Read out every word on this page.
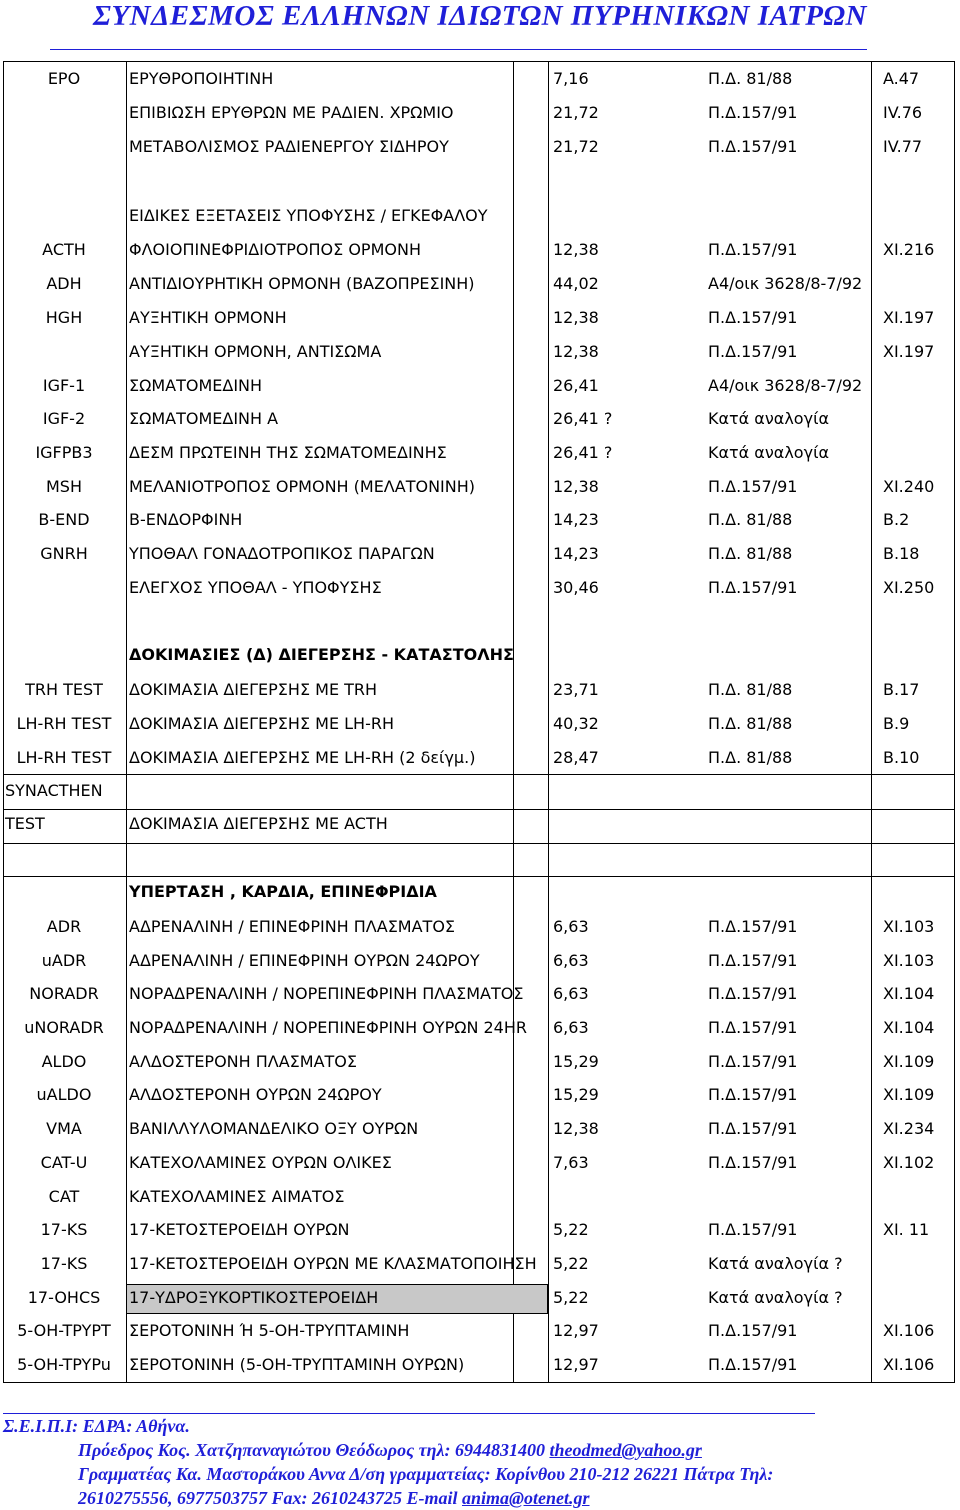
ΣΥΝΔΕΣΜΟΣ ΕΛΛΗΝΩΝ ΙΔΙΩΤΩΝ ΠΥΡΗΝΙΚΩΝ ΙΑΤΡΩΝ
ΕΙΔΙΚΕΣ ΕΞΕΤΑΣΕΙΣ ΥΠΟΦΥΣΗΣ / ΕΓΚΕΦΑΛΟΥ
ΔΟΚΙΜΑΣΙΕΣ (Δ) ΔΙΕΓΕΡΣΗΣ - ΚΑΤΑΣΤΟΛΗΣ
ΥΠΕΡΤΑΣΗ , ΚΑΡΔΙΑ, ΕΠΙΝΕΦΡΙΔΙΑ
EPO	ΕΡΥΘΡΟΠΟΙΗΤΙΝΗ	7,16	Π.Δ. 81/88	A.47
ΕΠΙΒΙΩΣΗ ΕΡΥΘΡΩΝ ΜΕ ΡΑΔΙΕΝ. ΧΡΩΜΙΟ	21,72	Π.Δ.157/91	IV.76
ΜΕΤΑΒΟΛΙΣΜΟΣ ΡΑΔΙΕΝΕΡΓΟΥ ΣΙΔΗΡΟΥ	21,72	Π.Δ.157/91	IV.77
ACTH	ΦΛΟΙΟΠΙΝΕΦΡΙΔΙΟΤΡΟΠΟΣ ΟΡΜΟΝΗ	12,38	Π.Δ.157/91	XI.216
ADH	ΑΝΤΙΔΙΟΥΡΗΤΙΚΗ ΟΡΜΟΝΗ (ΒΑΖΟΠΡΕΣΙΝΗ)	44,02	Α4/οικ 3628/8-7/92
HGH	ΑΥΞΗΤΙΚΗ ΟΡΜΟΝΗ	12,38	Π.Δ.157/91	XI.197
ΑΥΞΗΤΙΚΗ ΟΡΜΟΝΗ, ΑΝΤΙΣΩΜΑ	12,38	Π.Δ.157/91	XI.197
IGF-1	ΣΩΜΑΤΟΜΕΔΙΝΗ	26,41	Α4/οικ 3628/8-7/92
IGF-2	ΣΩΜΑΤΟΜΕΔΙΝΗ Α	26,41 ?	Κατά αναλογία
IGFPB3	ΔΕΣΜ ΠΡΩΤΕΙΝΗ ΤΗΣ ΣΩΜΑΤΟΜΕΔΙΝΗΣ	26,41 ?	Κατά αναλογία
MSH	ΜΕΛΑΝΙΟΤΡΟΠΟΣ ΟΡΜΟΝΗ (ΜΕΛΑΤΟΝΙΝΗ)	12,38	Π.Δ.157/91	XI.240
B-END	B-ΕΝΔΟΡΦΙΝΗ	14,23	Π.Δ. 81/88	B.2
GNRH	ΥΠΟΘΑΛ ΓΟΝΑΔΟΤΡΟΠΙΚΟΣ ΠΑΡΑΓΩΝ	14,23	Π.Δ. 81/88	B.18
ΕΛΕΓΧΟΣ ΥΠΟΘΑΛ - ΥΠΟΦΥΣΗΣ	30,46	Π.Δ.157/91	XI.250
TRH TEST	ΔΟΚΙΜΑΣΙΑ ΔΙΕΓΕΡΣΗΣ ΜΕ TRH	23,71	Π.Δ. 81/88	B.17
LH-RH TEST	ΔΟΚΙΜΑΣΙΑ ΔΙΕΓΕΡΣΗΣ ΜΕ LH-RH	40,32	Π.Δ. 81/88	B.9
LH-RH TEST	ΔΟΚΙΜΑΣΙΑ ΔΙΕΓΕΡΣΗΣ ΜΕ LH-RH (2 δείγμ.)	28,47	Π.Δ. 81/88	B.10
SYNACTHEN
TEST	ΔΟΚΙΜΑΣΙΑ ΔΙΕΓΕΡΣΗΣ ΜΕ ACTH
ADR	ΑΔΡΕΝΑΛΙΝΗ / ΕΠΙΝΕΦΡΙΝΗ ΠΛΑΣΜΑΤΟΣ	6,63	Π.Δ.157/91	XI.103
uADR	ΑΔΡΕΝΑΛΙΝΗ / ΕΠΙΝΕΦΡΙΝΗ ΟΥΡΩΝ 24ΩΡΟΥ	6,63	Π.Δ.157/91	XI.103
NORADR	ΝΟΡΑΔΡΕΝΑΛΙΝΗ / ΝΟΡΕΠΙΝΕΦΡΙΝΗ ΠΛΑΣΜΑΤΟΣ 6,63	Π.Δ.157/91	XI.104
uNORADR	ΝΟΡΑΔΡΕΝΑΛΙΝΗ / ΝΟΡΕΠΙΝΕΦΡΙΝΗ ΟΥΡΩΝ 24HR 6,63	Π.Δ.157/91	XI.104
ALDO	ΑΛΔΟΣΤΕΡΟΝΗ ΠΛΑΣΜΑΤΟΣ	15,29	Π.Δ.157/91	XI.109
uALDO	ΑΛΔΟΣΤΕΡΟΝΗ ΟΥΡΩΝ 24ΩΡΟΥ	15,29	Π.Δ.157/91	XI.109
VMA	ΒΑΝΙΛΛΥΛΟΜΑΝΔΕΛΙΚΟ ΟΞΥ ΟΥΡΩΝ	12,38	Π.Δ.157/91	XI.234
CAT-U	ΚΑΤΕΧΟΛΑΜΙΝΕΣ ΟΥΡΩΝ ΟΛΙΚΕΣ	7,63	Π.Δ.157/91	XI.102
CAT	ΚΑΤΕΧΟΛΑΜΙΝΕΣ ΑΙΜΑΤΟΣ
17-KS	17-ΚΕΤΟΣΤΕΡΟΕΙΔΗ ΟΥΡΩΝ	5,22	Π.Δ.157/91	XI. 11
17-KS	17-ΚΕΤΟΣΤΕΡΟΕΙΔΗ ΟΥΡΩΝ ΜΕ ΚΛΑΣΜΑΤΟΠΟΙΗΣΗ 5,22	Κατά αναλογία ?
17-OHCS	17-ΥΔΡΟΞΥΚΟΡΤΙΚΟΣΤΕΡΟΕΙΔΗ	5,22	Κατά αναλογία ?
5-OH-TPYPT	ΣΕΡΟΤΟΝΙΝΗ Ή 5-OH-ΤΡΥΠΤΑΜΙΝΗ	12,97	Π.Δ.157/91	XI.106
5-OH-TPYPu	ΣΕΡΟΤΟΝΙΝΗ (5-OH-ΤΡΥΠΤΑΜΙΝΗ ΟΥΡΩΝ)	12,97	Π.Δ.157/91	XI.106
Σ.Ε.Ι.Π.Ι: ΕΔΡΑ: Αθήνα.
Πρόεδρος Κος. Χατζηπαναγιώτου Θεόδωρος τηλ: 6944831400 theodmed@yahoo.gr
Γραμματέας Κα. Μαστοράκου Αννα Δ/ση γραμματείας: Κορίνθου 210-212 26221 Πάτρα Τηλ:
2610275556, 6977503757 Fax: 2610243725 E-mail anima@otenet.gr
